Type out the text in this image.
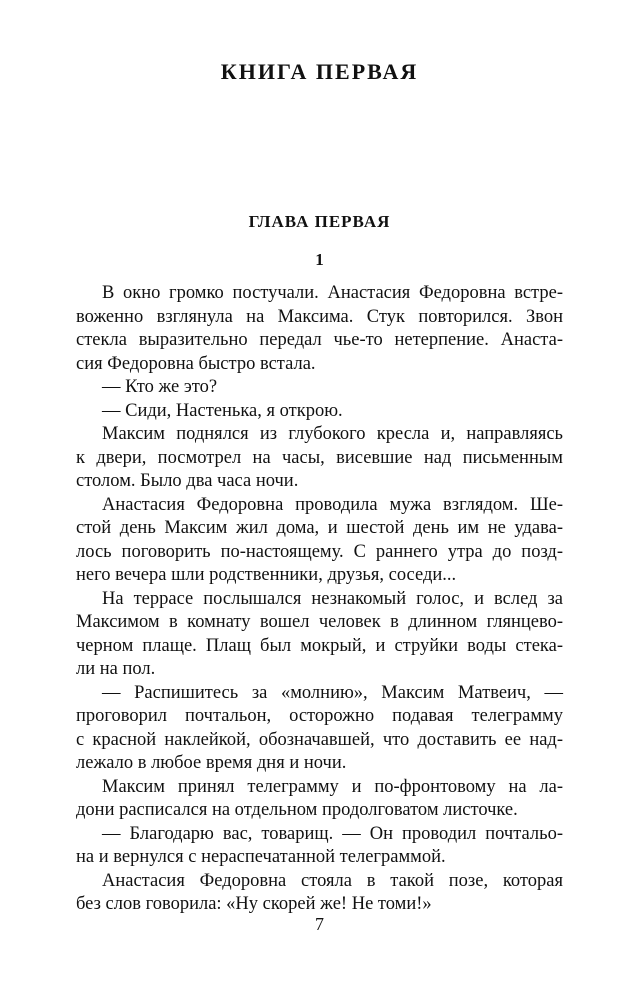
КНИГА ПЕРВАЯ
ГЛАВА ПЕРВАЯ
1
В окно громко постучали. Анастасия Федоровна встре-
воженно взглянула на Максима. Стук повторился. Звон
стекла выразительно передал чье-то нетерпение. Анаста-
сия Федоровна быстро встала.
— Кто же это?
— Сиди, Настенька, я открою.
Максим поднялся из глубокого кресла и, направляясь
к двери, посмотрел на часы, висевшие над письменным
столом. Было два часа ночи.
Анастасия Федоровна проводила мужа взглядом. Ше-
стой день Максим жил дома, и шестой день им не удава-
лось поговорить по-настоящему. С раннего утра до позд-
него вечера шли родственники, друзья, соседи...
На террасе послышался незнакомый голос, и вслед за
Максимом в комнату вошел человек в длинном глянцево-
черном плаще. Плащ был мокрый, и струйки воды стека-
ли на пол.
— Распишитесь за «молнию», Максим Матвеич, —
проговорил почтальон, осторожно подавая телеграмму
с красной наклейкой, обозначавшей, что доставить ее над-
лежало в любое время дня и ночи.
Максим принял телеграмму и по-фронтовому на ла-
дони расписался на отдельном продолговатом листочке.
— Благодарю вас, товарищ. — Он проводил почтальо-
на и вернулся с нераспечатанной телеграммой.
Анастасия Федоровна стояла в такой позе, которая
без слов говорила: «Ну скорей же! Не томи!»
7
